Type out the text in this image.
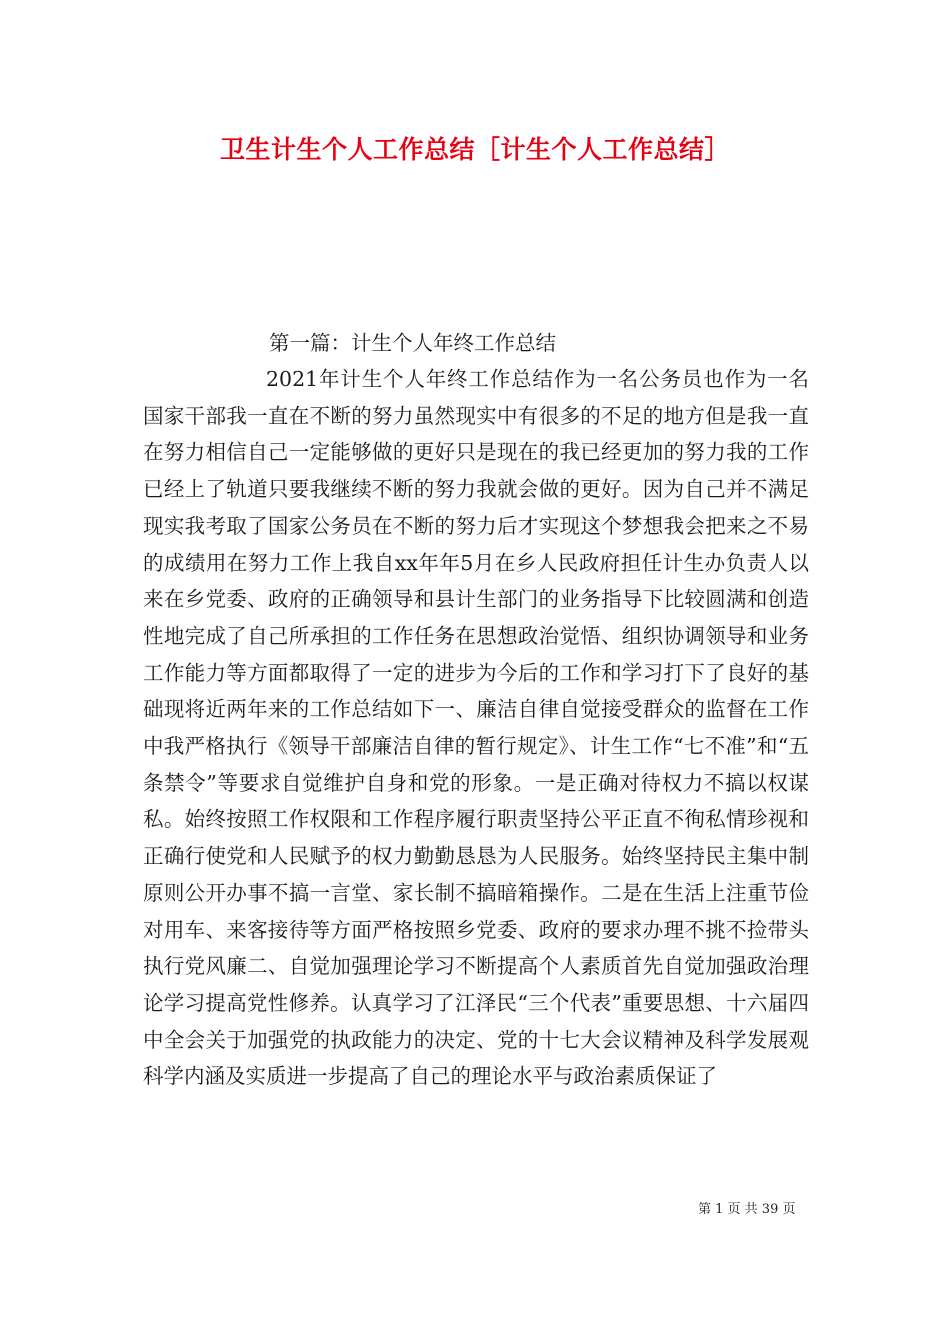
卫生计生个人工作总结［计生个人工作总结］
第一篇：计生个人年终工作总结

2021年计生个人年终工作总结作为一名公务员也作为一名国家干部我一直在不断的努力虽然现实中有很多的不足的地方但是我一直在努力相信自己一定能够做的更好只是现在的我已经更加的努力我的工作已经上了轨道只要我继续不断的努力我就会做的更好。因为自己并不满足现实我考取了国家公务员在不断的努力后才实现这个梦想我会把来之不易的成绩用在努力工作上我自xx年年5月在乡人民政府担任计生办负责人以来在乡党委、政府的正确领导和县计生部门的业务指导下比较圆满和创造性地完成了自己所承担的工作任务在思想政治觉悟、组织协调领导和业务工作能力等方面都取得了一定的进步为今后的工作和学习打下了良好的基础现将近两年来的工作总结如下一、廉洁自律自觉接受群众的监督在工作中我严格执行《领导干部廉洁自律的暂行规定》、计生工作“七不准”和“五条禁令”等要求自觉维护自身和党的形象。一是正确对待权力不搞以权谋私。始终按照工作权限和工作程序履行职责坚持公平正直不徇私情珍视和正确行使党和人民赋予的权力勤勤恳恳为人民服务。始终坚持民主集中制原则公开办事不搞一言堂、家长制不搞暗箱操作。二是在生活上注重节俭对用车、来客接待等方面严格按照乡党委、政府的要求办理不挑不捡带头执行党风廉二、自觉加强理论学习不断提高个人素质首先自觉加强政治理论学习提高党性修养。认真学习了江泽民“三个代表”重要思想、十六届四中全会关于加强党的执政能力的决定、党的十七大会议精神及科学发展观科学内涵及实质进一步提高了自己的理论水平与政治素质保证了

第 1 页 共 39 页
